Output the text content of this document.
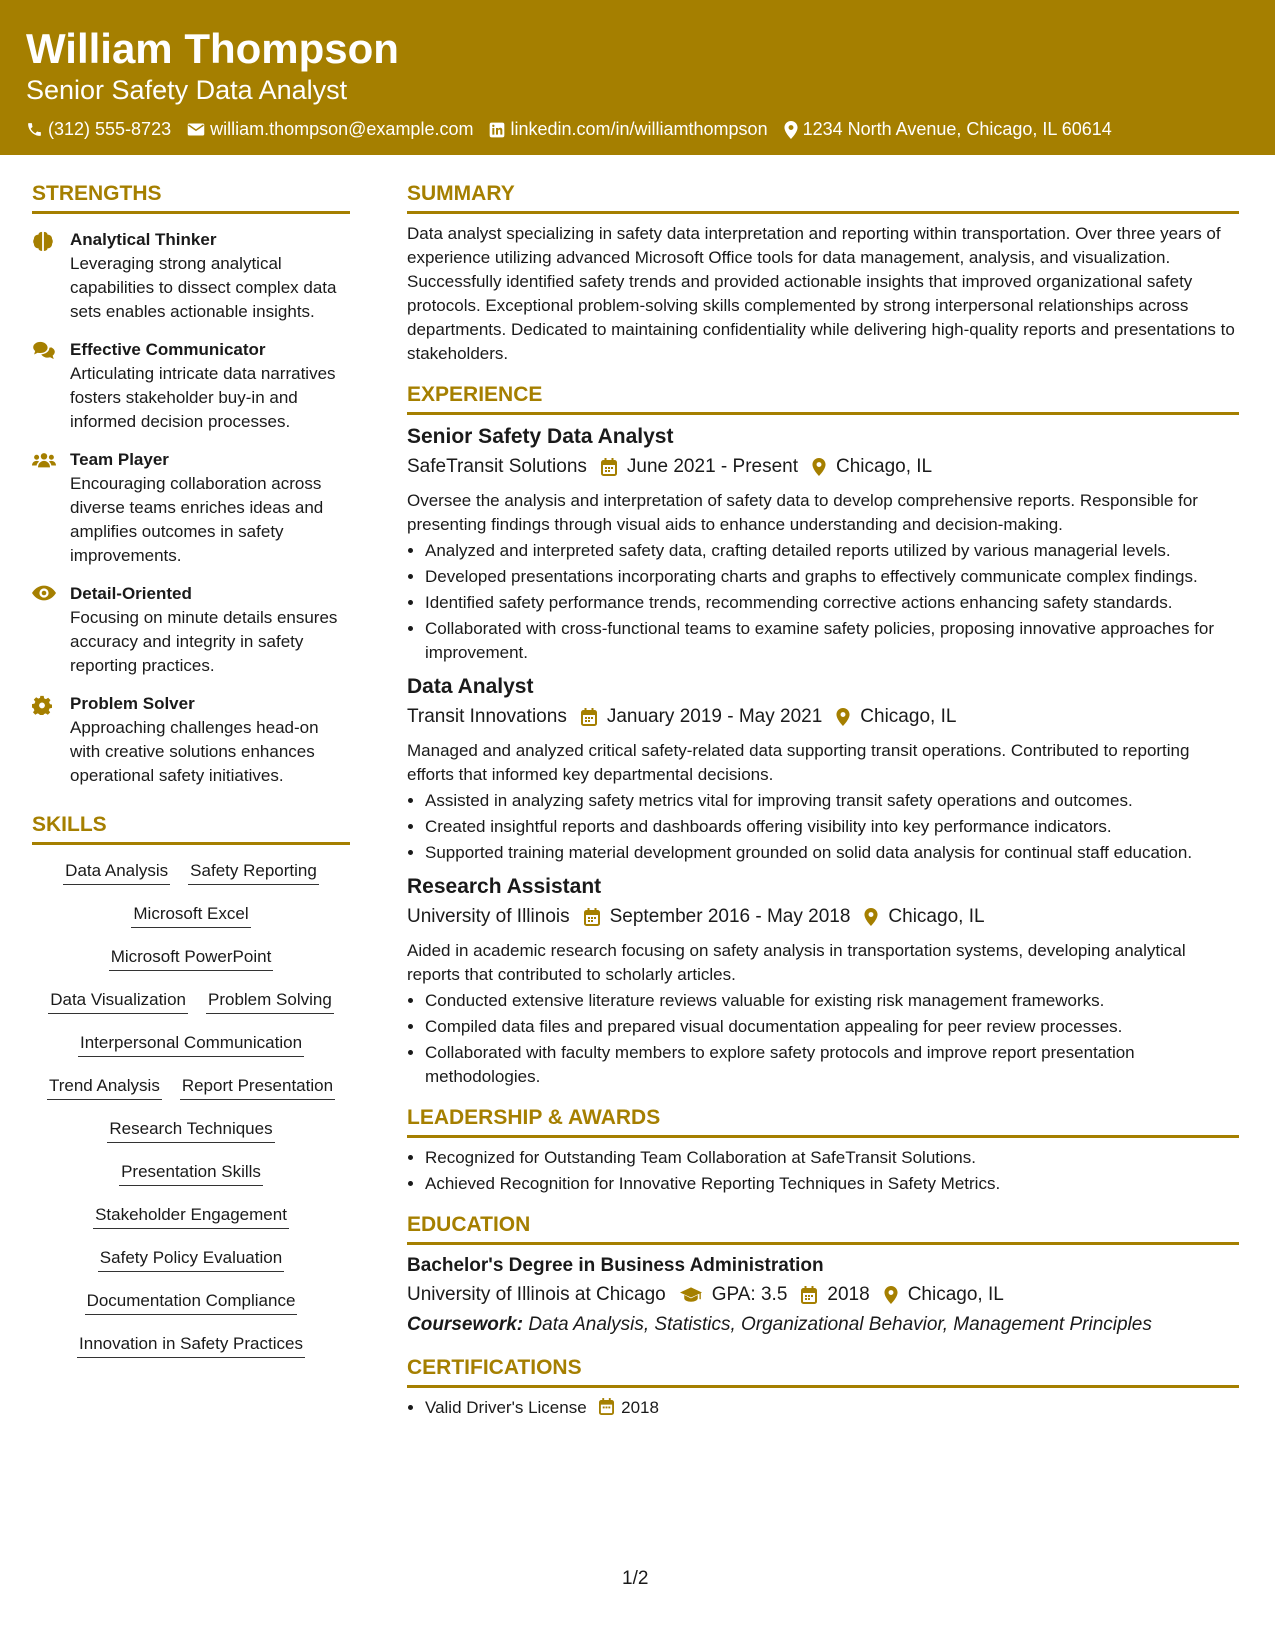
William Thompson
Senior Safety Data Analyst
(312) 555-8723 william.thompson@example.com linkedin.com/in/williamthompson 1234 North Avenue, Chicago, IL 60614
STRENGTHS
Analytical Thinker
Leveraging strong analytical capabilities to dissect complex data sets enables actionable insights.
Effective Communicator
Articulating intricate data narratives fosters stakeholder buy-in and informed decision processes.
Team Player
Encouraging collaboration across diverse teams enriches ideas and amplifies outcomes in safety improvements.
Detail-Oriented
Focusing on minute details ensures accuracy and integrity in safety reporting practices.
Problem Solver
Approaching challenges head-on with creative solutions enhances operational safety initiatives.
SKILLS
Data Analysis Safety Reporting
Microsoft Excel
Microsoft PowerPoint
Data Visualization Problem Solving
Interpersonal Communication
Trend Analysis Report Presentation
Research Techniques
Presentation Skills
Stakeholder Engagement
Safety Policy Evaluation
Documentation Compliance
Innovation in Safety Practices
SUMMARY

Data analyst specializing in safety data interpretation and reporting within transportation. Over three years of experience utilizing advanced Microsoft Office tools for data management, analysis, and visualization. Successfully identified safety trends and provided actionable insights that improved organizational safety protocols. Exceptional problem-solving skills complemented by strong interpersonal relationships across departments. Dedicated to maintaining confidentiality while delivering high-quality reports and presentations to stakeholders.

EXPERIENCE
Senior Safety Data Analyst
SafeTransit Solutions June 2021 - Present Chicago, IL

Oversee the analysis and interpretation of safety data to develop comprehensive reports. Responsible for presenting findings through visual aids to enhance understanding and decision-making.

• Analyzed and interpreted safety data, crafting detailed reports utilized by various managerial levels.
• Developed presentations incorporating charts and graphs to effectively communicate complex findings.
• Identified safety performance trends, recommending corrective actions enhancing safety standards.
• Collaborated with cross-functional teams to examine safety policies, proposing innovative approaches for improvement.
Data Analyst
Transit Innovations January 2019 - May 2021 Chicago, IL

Managed and analyzed critical safety-related data supporting transit operations. Contributed to reporting efforts that informed key departmental decisions.

• Assisted in analyzing safety metrics vital for improving transit safety operations and outcomes.
• Created insightful reports and dashboards offering visibility into key performance indicators.
• Supported training material development grounded on solid data analysis for continual staff education.
Research Assistant
University of Illinois September 2016 - May 2018 Chicago, IL

Aided in academic research focusing on safety analysis in transportation systems, developing analytical reports that contributed to scholarly articles.

• Conducted extensive literature reviews valuable for existing risk management frameworks.
• Compiled data files and prepared visual documentation appealing for peer review processes.
• Collaborated with faculty members to explore safety protocols and improve report presentation methodologies.
LEADERSHIP & AWARDS
• Recognized for Outstanding Team Collaboration at SafeTransit Solutions.
• Achieved Recognition for Innovative Reporting Techniques in Safety Metrics.
EDUCATION
Bachelor's Degree in Business Administration
University of Illinois at Chicago GPA: 3.5 2018 Chicago, IL
Coursework: Data Analysis, Statistics, Organizational Behavior, Management Principles
CERTIFICATIONS
• Valid Driver's License 2018
1/2
